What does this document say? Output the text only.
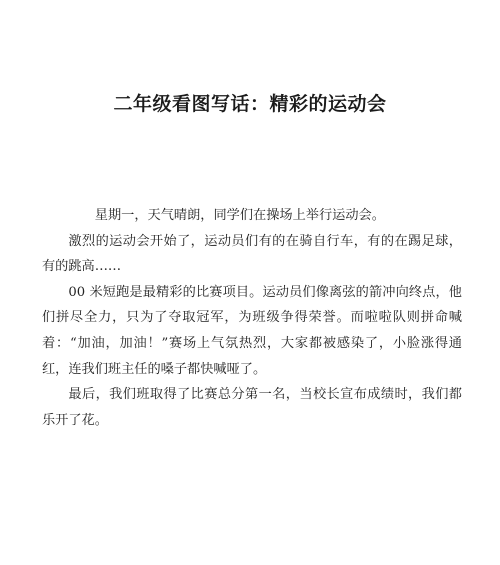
二年级看图写话：精彩的运动会

星期一，天气晴朗，同学们在操场上举行运动会。

激烈的运动会开始了，运动员们有的在骑自行车，有的在踢足球，有的跳高……

00 米短跑是最精彩的比赛项目。运动员们像离弦的箭冲向终点，他们拼尽全力，只为了夺取冠军，为班级争得荣誉。而啦啦队则拼命喊着：“加油，加油！”赛场上气氛热烈，大家都被感染了，小脸涨得通红，连我们班主任的嗓子都快喊哑了。

最后，我们班取得了比赛总分第一名，当校长宣布成绩时，我们都乐开了花。
